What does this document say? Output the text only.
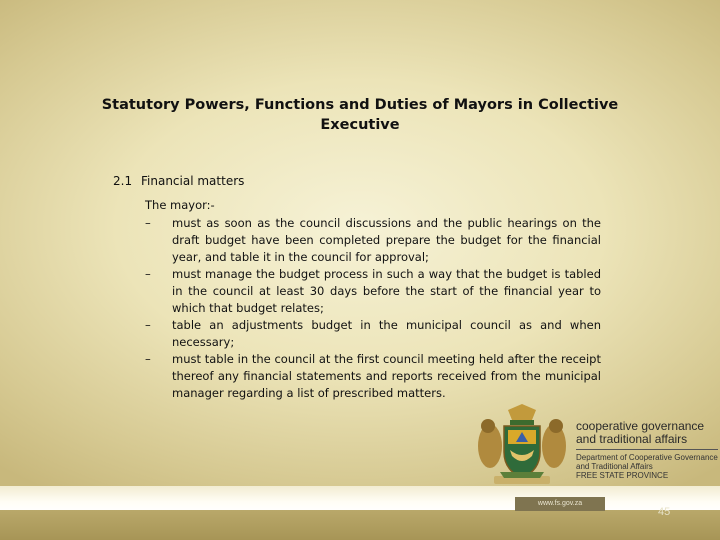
Statutory Powers, Functions and Duties of Mayors in Collective Executive
2.1 Financial matters
The mayor:-
– must as soon as the council discussions and the public hearings on the draft budget have been completed prepare the budget for the financial year, and table it in the council for approval;
– must manage the budget process in such a way that the budget is tabled in the council at least 30 days before the start of the financial year to which that budget relates;
– table an adjustments budget in the municipal council as and when necessary;
– must table in the council at the first council meeting held after the receipt thereof any financial statements and reports received from the municipal manager regarding a list of prescribed matters.
cooperative governance
and traditional affairs
Department of Cooperative Governance
and Traditional Affairs
FREE STATE PROVINCE
www.fs.gov.za
45
